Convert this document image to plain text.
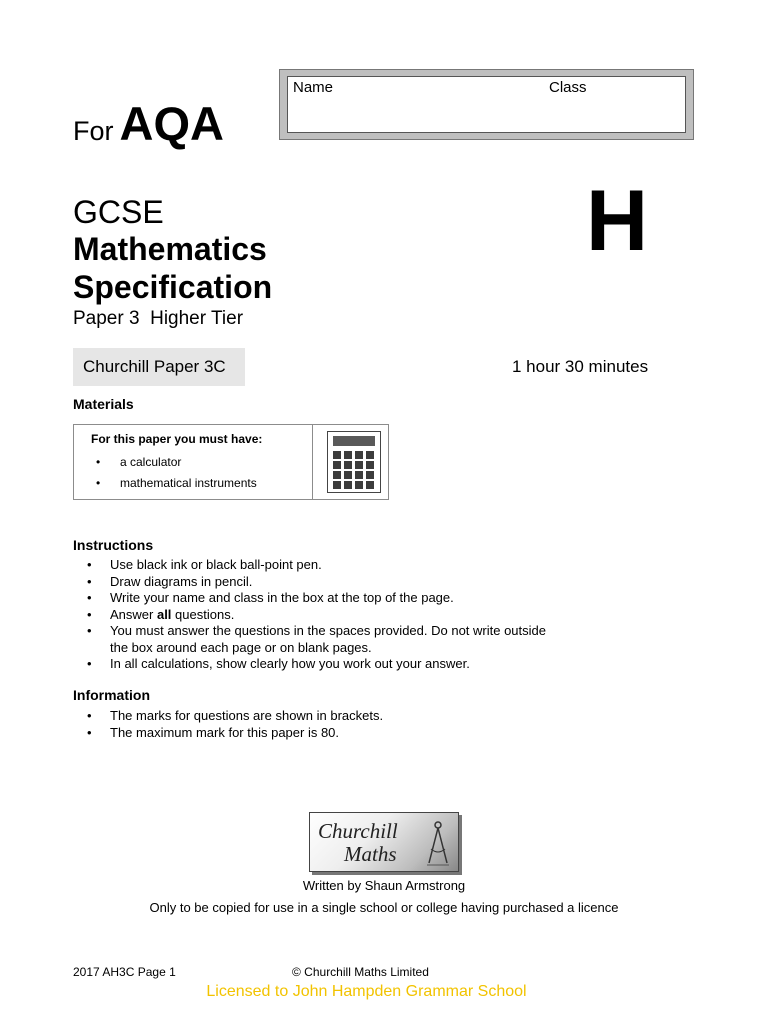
Name	Class
For AQA
GCSE
Mathematics
Specification
Paper 3  Higher Tier
H
Churchill Paper 3C	1 hour 30 minutes
Materials
For this paper you must have:
• a calculator
• mathematical instruments
Instructions
• Use black ink or black ball-point pen.
• Draw diagrams in pencil.
• Write your name and class in the box at the top of the page.
• Answer all questions.
• You must answer the questions in the spaces provided. Do not write outside the box around each page or on blank pages.
• In all calculations, show clearly how you work out your answer.
Information
• The marks for questions are shown in brackets.
• The maximum mark for this paper is 80.
Churchill
Maths
Written by Shaun Armstrong
Only to be copied for use in a single school or college having purchased a licence
2017 AH3C Page 1	© Churchill Maths Limited
Licensed to John Hampden Grammar School
